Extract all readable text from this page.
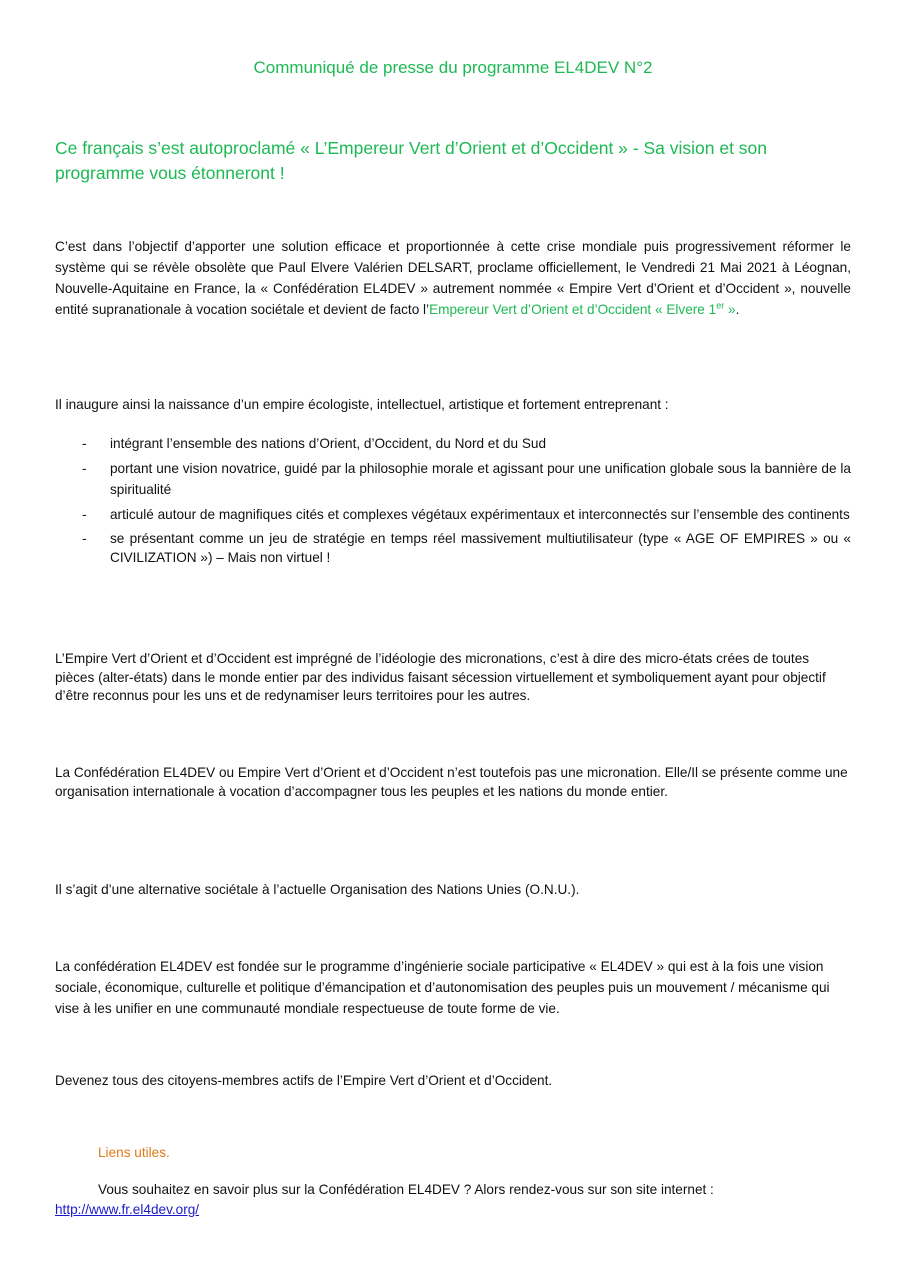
Communiqué de presse du programme EL4DEV N°2
Ce français s’est autoproclamé « L’Empereur Vert d’Orient et d’Occident » - Sa vision et son programme vous étonneront !
C’est dans l’objectif d’apporter une solution efficace et proportionnée à cette crise mondiale puis progressivement réformer le système qui se révèle obsolète que Paul Elvere Valérien DELSART, proclame officiellement, le Vendredi 21 Mai 2021 à Léognan, Nouvelle-Aquitaine en France, la « Confédération EL4DEV » autrement nommée « Empire Vert d’Orient et d’Occident », nouvelle entité supranationale à vocation sociétale et devient de facto l’Empereur Vert d’Orient et d’Occident « Elvere 1er ».
Il inaugure ainsi la naissance d’un empire écologiste, intellectuel, artistique et fortement entreprenant :
- intégrant l’ensemble des nations d’Orient, d’Occident, du Nord et du Sud
- portant une vision novatrice, guidé par la philosophie morale et agissant pour une unification globale sous la bannière de la spiritualité
- articulé autour de magnifiques cités et complexes végétaux expérimentaux et interconnectés sur l’ensemble des continents
- se présentant comme un jeu de stratégie en temps réel massivement multiutilisateur (type « AGE OF EMPIRES » ou « CIVILIZATION ») – Mais non virtuel !
L’Empire Vert d’Orient et d’Occident est imprégné de l’idéologie des micronations, c’est à dire des micro-états crées de toutes pièces (alter-états) dans le monde entier par des individus faisant sécession virtuellement et symboliquement ayant pour objectif d’être reconnus pour les uns et de redynamiser leurs territoires pour les autres.
La Confédération EL4DEV ou Empire Vert d’Orient et d’Occident n’est toutefois pas une micronation. Elle/Il se présente comme une organisation internationale à vocation d’accompagner tous les peuples et les nations du monde entier.
Il s’agit d’une alternative sociétale à l’actuelle Organisation des Nations Unies (O.N.U.).
La confédération EL4DEV est fondée sur le programme d’ingénierie sociale participative « EL4DEV » qui est à la fois une vision sociale, économique, culturelle et politique d’émancipation et d’autonomisation des peuples puis un mouvement / mécanisme qui vise à les unifier en une communauté mondiale respectueuse de toute forme de vie.
Devenez tous des citoyens-membres actifs de l’Empire Vert d’Orient et d’Occident.
Liens utiles.
Vous souhaitez en savoir plus sur la Confédération EL4DEV ? Alors rendez-vous sur son site internet :
http://www.fr.el4dev.org/
